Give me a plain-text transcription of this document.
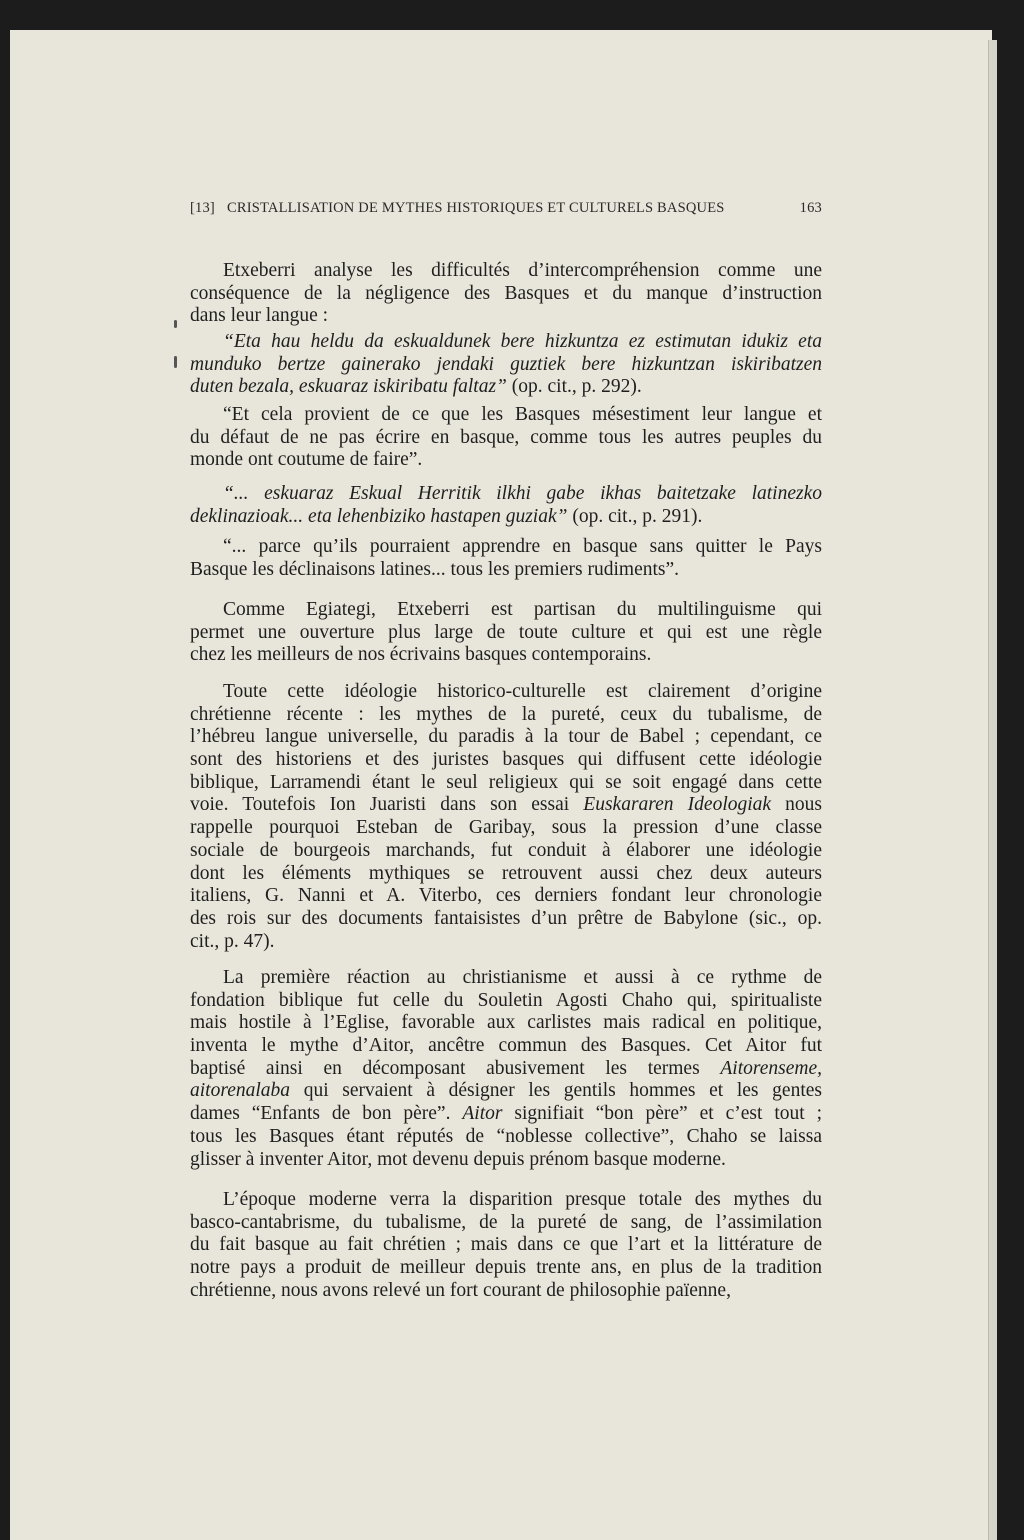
[13] CRISTALLISATION DE MYTHES HISTORIQUES ET CULTURELS BASQUES	163
Etxeberri analyse les difficultés d’intercompréhension comme une
conséquence de la négligence des Basques et du manque d’instruction
dans leur langue :
“Eta hau heldu da eskualdunek bere hizkuntza ez estimutan idukiz eta
munduko bertze gainerako jendaki guztiek bere hizkuntzan iskiribatzen
duten bezala, eskuaraz iskiribatu faltaz” (op. cit., p. 292).
“Et cela provient de ce que les Basques mésestiment leur langue et
du défaut de ne pas écrire en basque, comme tous les autres peuples du
monde ont coutume de faire”.
“... eskuaraz Eskual Herritik ilkhi gabe ikhas baitetzake latinezko
deklinazioak... eta lehenbiziko hastapen guziak” (op. cit., p. 291).
“... parce qu’ils pourraient apprendre en basque sans quitter le Pays
Basque les déclinaisons latines... tous les premiers rudiments”.
Comme Egiategi, Etxeberri est partisan du multilinguisme qui
permet une ouverture plus large de toute culture et qui est une règle
chez les meilleurs de nos écrivains basques contemporains.
Toute cette idéologie historico-culturelle est clairement d’origine
chrétienne récente : les mythes de la pureté, ceux du tubalisme, de
l’hébreu langue universelle, du paradis à la tour de Babel ; cependant, ce
sont des historiens et des juristes basques qui diffusent cette idéologie
biblique, Larramendi étant le seul religieux qui se soit engagé dans cette
voie. Toutefois Ion Juaristi dans son essai Euskararen Ideologiak nous
rappelle pourquoi Esteban de Garibay, sous la pression d’une classe
sociale de bourgeois marchands, fut conduit à élaborer une idéologie
dont les éléments mythiques se retrouvent aussi chez deux auteurs
italiens, G. Nanni et A. Viterbo, ces derniers fondant leur chronologie
des rois sur des documents fantaisistes d’un prêtre de Babylone (sic., op.
cit., p. 47).
La première réaction au christianisme et aussi à ce rythme de
fondation biblique fut celle du Souletin Agosti Chaho qui, spiritualiste
mais hostile à l’Eglise, favorable aux carlistes mais radical en politique,
inventa le mythe d’Aitor, ancêtre commun des Basques. Cet Aitor fut
baptisé ainsi en décomposant abusivement les termes Aitorenseme,
aitorenalaba qui servaient à désigner les gentils hommes et les gentes
dames “Enfants de bon père”. Aitor signifiait “bon père” et c’est tout ;
tous les Basques étant réputés de “noblesse collective”, Chaho se laissa
glisser à inventer Aitor, mot devenu depuis prénom basque moderne.
L’époque moderne verra la disparition presque totale des mythes du
basco-cantabrisme, du tubalisme, de la pureté de sang, de l’assimilation
du fait basque au fait chrétien ; mais dans ce que l’art et la littérature de
notre pays a produit de meilleur depuis trente ans, en plus de la tradition
chrétienne, nous avons relevé un fort courant de philosophie païenne,
